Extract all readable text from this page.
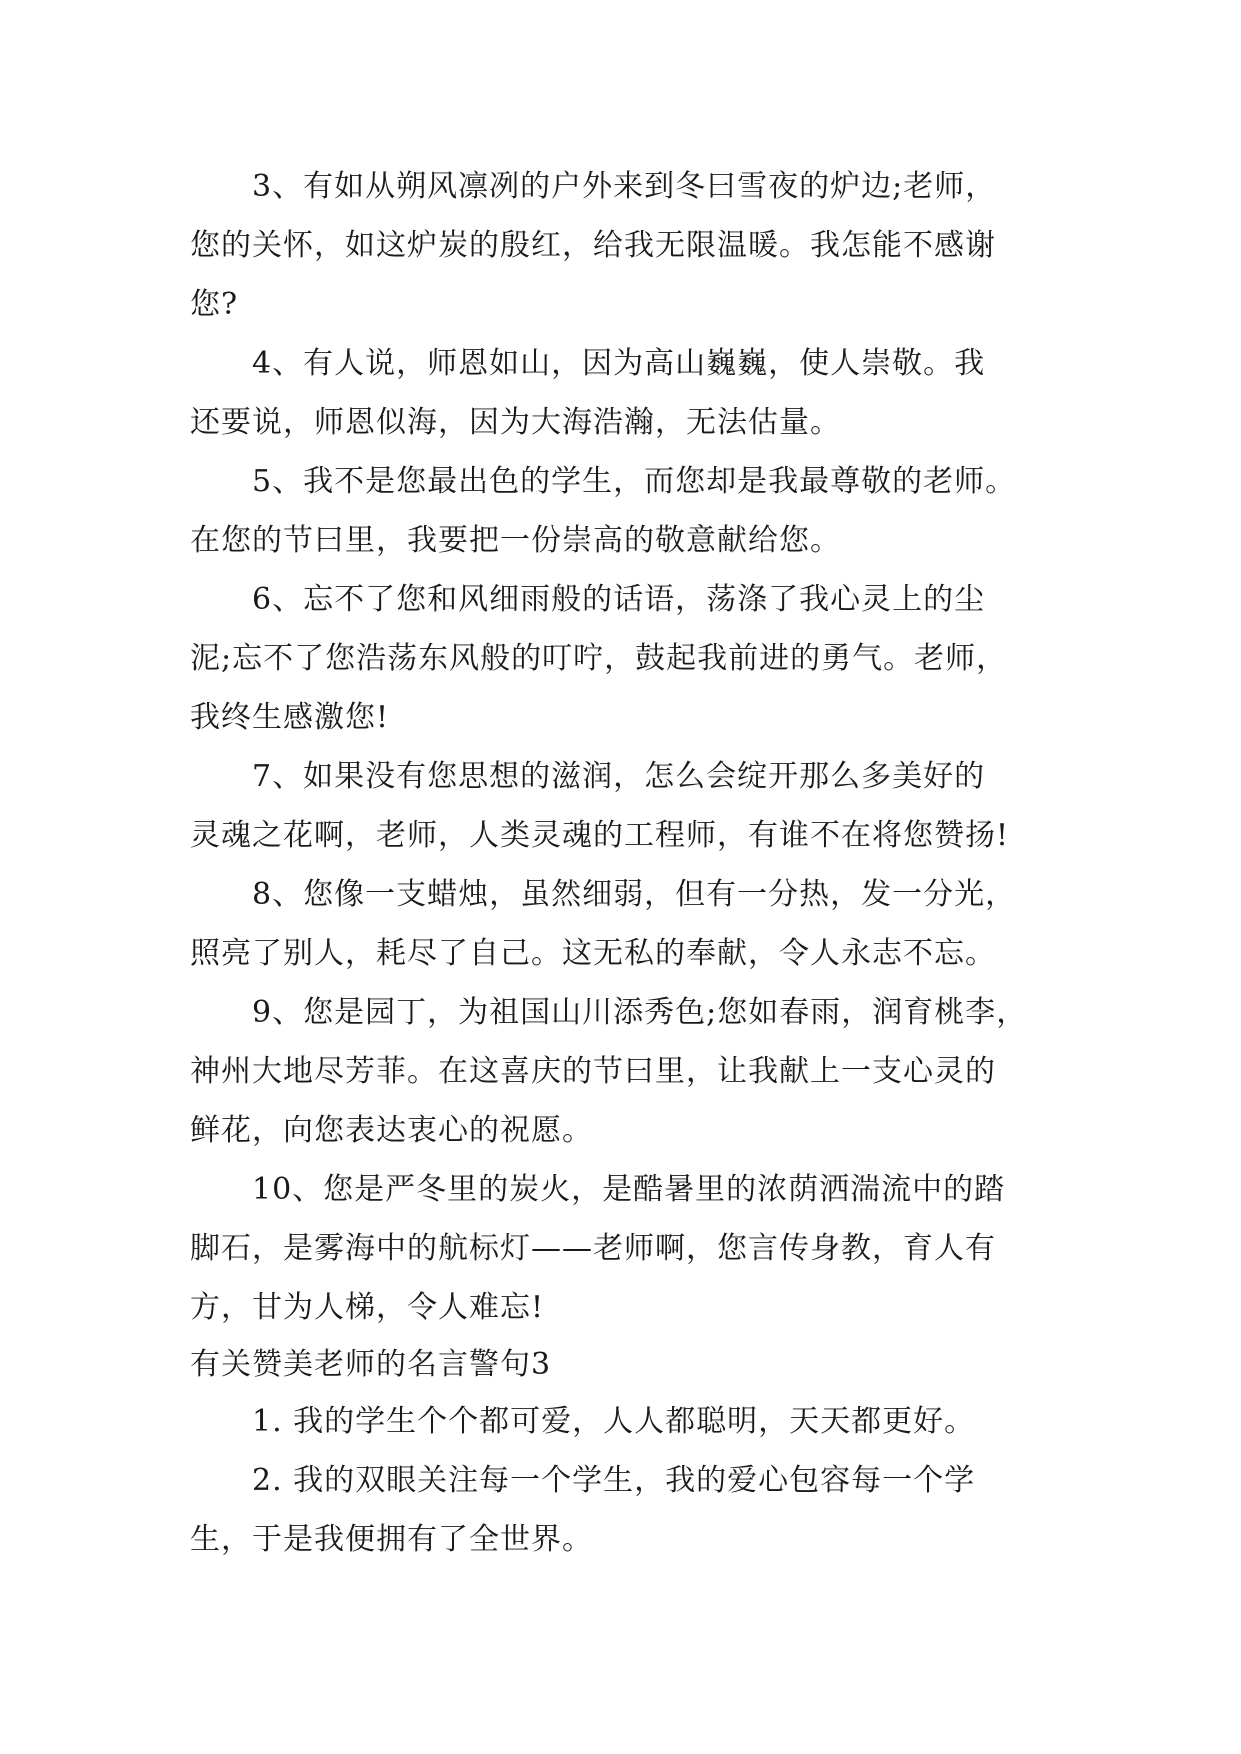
3、有如从朔风凛冽的户外来到冬曰雪夜的炉边;老师，
您的关怀，如这炉炭的殷红，给我无限温暖。我怎能不感谢
您?
4、有人说，师恩如山，因为高山巍巍，使人崇敬。我
还要说，师恩似海，因为大海浩瀚，无法估量。
5、我不是您最出色的学生，而您却是我最尊敬的老师。
在您的节曰里，我要把一份崇高的敬意献给您。
6、忘不了您和风细雨般的话语，荡涤了我心灵上的尘
泥;忘不了您浩荡东风般的叮咛，鼓起我前进的勇气。老师，
我终生感激您!
7、如果没有您思想的滋润，怎么会绽开那么多美好的
灵魂之花啊，老师，人类灵魂的工程师，有谁不在将您赞扬!
8、您像一支蜡烛，虽然细弱，但有一分热，发一分光，
照亮了别人，耗尽了自己。这无私的奉献，令人永志不忘。
9、您是园丁，为祖国山川添秀色;您如春雨，润育桃李，
神州大地尽芳菲。在这喜庆的节曰里，让我献上一支心灵的
鲜花，向您表达衷心的祝愿。
10、您是严冬里的炭火，是酷暑里的浓荫洒湍流中的踏
脚石，是雾海中的航标灯——老师啊，您言传身教，育人有
方，甘为人梯，令人难忘!
有关赞美老师的名言警句3
1. 我的学生个个都可爱，人人都聪明，天天都更好。
2. 我的双眼关注每一个学生，我的爱心包容每一个学
生，于是我便拥有了全世界。
